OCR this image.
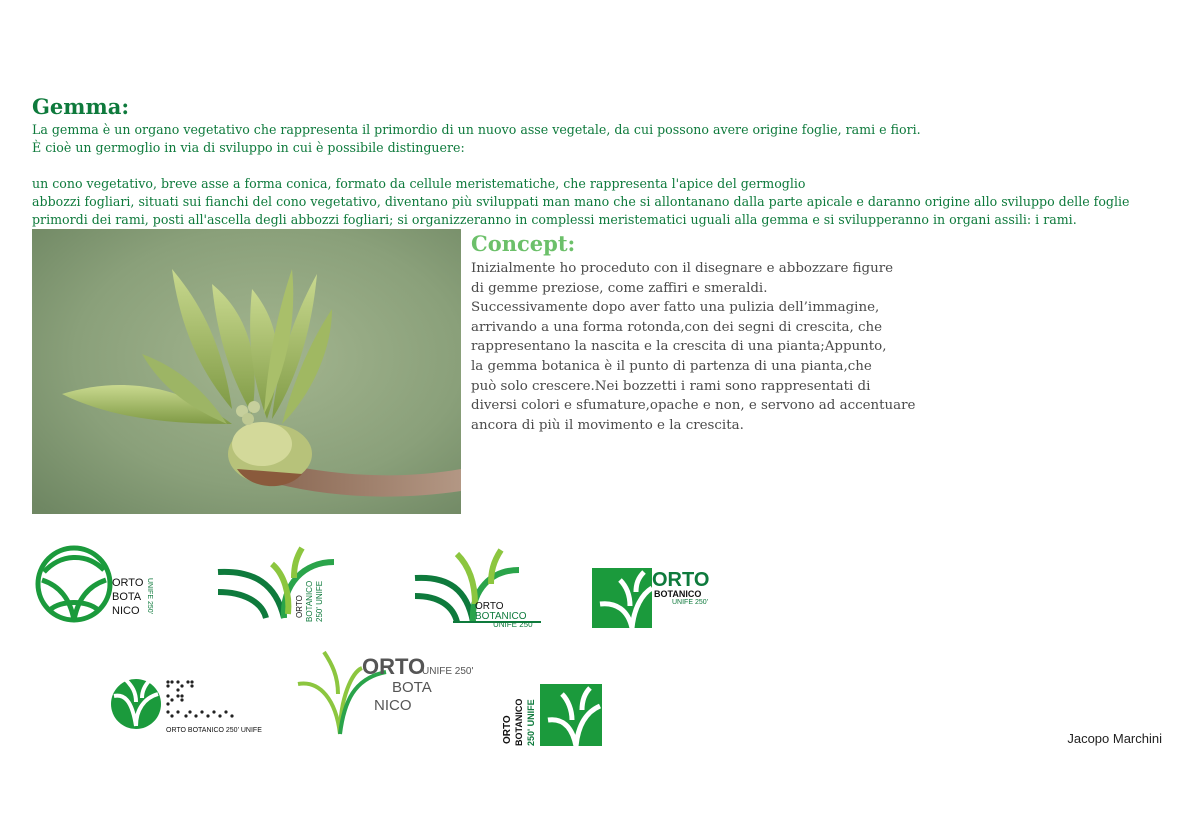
Gemma:

La gemma è un organo vegetativo che rappresenta il primordio di un nuovo asse vegetale, da cui possono avere origine foglie, rami e fiori.

È cioè un germoglio in via di sviluppo in cui è possibile distinguere:

un cono vegetativo, breve asse a forma conica, formato da cellule meristematiche, che rappresenta l'apice del germoglio

abbozzi fogliari, situati sui fianchi del cono vegetativo, diventano più sviluppati man mano che si allontanano dalla parte apicale e daranno origine allo sviluppo delle foglie

primordi dei rami, posti all'ascella degli abbozzi fogliari; si organizzeranno in complessi meristematici uguali alla gemma e si svilupperanno in organi assili: i rami.

Concept:

Inizialmente ho proceduto con il disegnare e abbozzare figure

di gemme preziose, come zaffiri e smeraldi.

Successivamente dopo aver fatto una pulizia dell’immagine,

arrivando a una forma rotonda,con dei segni di crescita, che

rappresentano la nascita e la crescita di una pianta;Appunto,

la gemma botanica è il punto di partenza di una pianta,che

può solo crescere.Nei bozzetti i rami sono rappresentati di

diversi colori e sfumature,opache e non, e servono ad accentuare

ancora di più il movimento e la crescita.

ORTO
BOTA
NICO UNIFE 250'	ORTO BOTANICO 250' UNIFE	ORTO
BOTANICO
UNIFE 250'
ORTO
BOTANICO
UNIFE 250'
ORTO BOTANICO 250' UNIFE
ORTO
UNIFE 250'
BOTA
NICO
ORTO BOTANICO 250' UNIFE	Jacopo Marchini
